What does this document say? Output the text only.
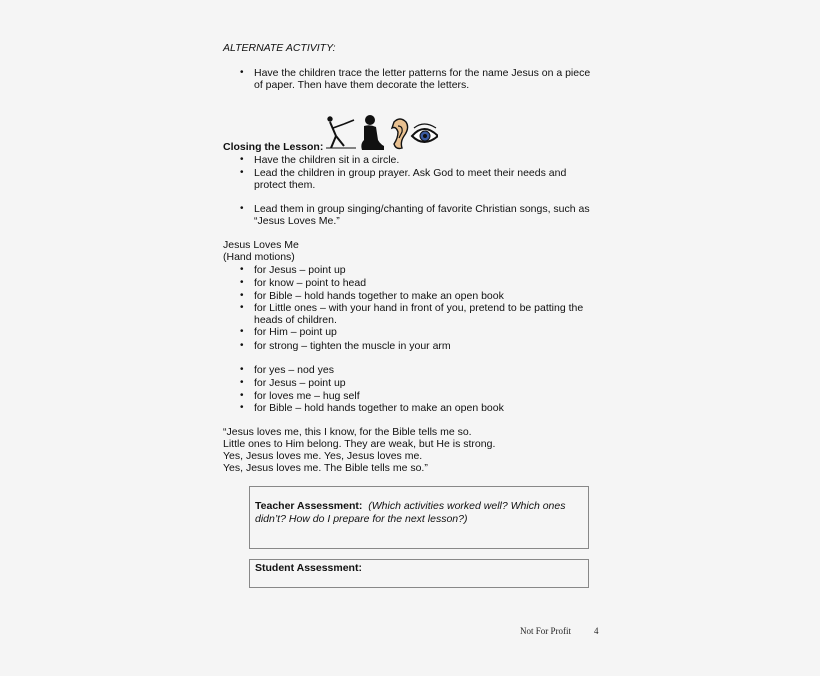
ALTERNATE ACTIVITY:
• Have the children trace the letter patterns for the name Jesus on a piece
of paper. Then have them decorate the letters.
Closing the Lesson:
• Have the children sit in a circle.
• Lead the children in group prayer. Ask God to meet their needs and
protect them.
• Lead them in group singing/chanting of favorite Christian songs, such as
“Jesus Loves Me.”
Jesus Loves Me
(Hand motions)
• for Jesus – point up
• for know – point to head
• for Bible – hold hands together to make an open book
• for Little ones – with your hand in front of you, pretend to be patting the
heads of children.
• for Him – point up
• for strong – tighten the muscle in your arm
• for yes – nod yes
• for Jesus – point up
• for loves me – hug self
• for Bible – hold hands together to make an open book
“Jesus loves me, this I know, for the Bible tells me so.
Little ones to Him belong. They are weak, but He is strong.
Yes, Jesus loves me. Yes, Jesus loves me.
Yes, Jesus loves me. The Bible tells me so.”
Teacher Assessment: (Which activities worked well? Which ones
didn’t? How do I prepare for the next lesson?)
Student Assessment:
Not For Profit	4
